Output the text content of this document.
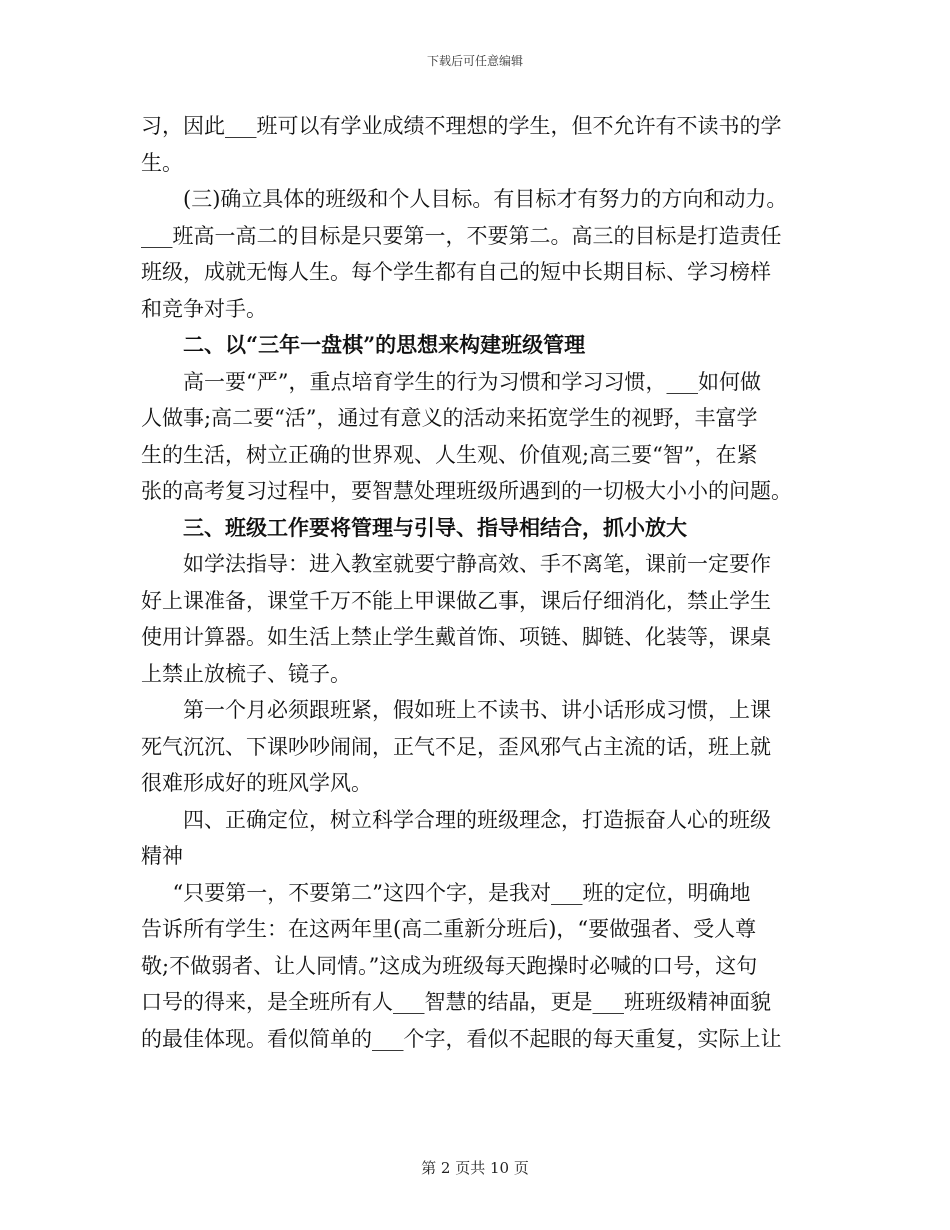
下载后可任意编辑
习，因此___班可以有学业成绩不理想的学生，但不允许有不读书的学
生。
(三)确立具体的班级和个人目标。有目标才有努力的方向和动力。
___班高一高二的目标是只要第一，不要第二。高三的目标是打造责任
班级，成就无悔人生。每个学生都有自己的短中长期目标、学习榜样
和竞争对手。
二、以“三年一盘棋”的思想来构建班级管理
高一要“严”，重点培育学生的行为习惯和学习习惯，___如何做
人做事;高二要“活”，通过有意义的活动来拓宽学生的视野，丰富学
生的生活，树立正确的世界观、人生观、价值观;高三要“智”，在紧
张的高考复习过程中，要智慧处理班级所遇到的一切极大小小的问题。
三、班级工作要将管理与引导、指导相结合，抓小放大
如学法指导：进入教室就要宁静高效、手不离笔，课前一定要作
好上课准备，课堂千万不能上甲课做乙事，课后仔细消化，禁止学生
使用计算器。如生活上禁止学生戴首饰、项链、脚链、化装等，课桌
上禁止放梳子、镜子。
第一个月必须跟班紧，假如班上不读书、讲小话形成习惯，上课
死气沉沉、下课吵吵闹闹，正气不足，歪风邪气占主流的话，班上就
很难形成好的班风学风。
四、正确定位，树立科学合理的班级理念，打造振奋人心的班级
精神
“只要第一，不要第二”这四个字，是我对___班的定位，明确地
告诉所有学生：在这两年里(高二重新分班后)，“要做强者、受人尊
敬;不做弱者、让人同情。”这成为班级每天跑操时必喊的口号，这句
口号的得来，是全班所有人___智慧的结晶，更是___班班级精神面貌
的最佳体现。看似简单的___个字，看似不起眼的每天重复，实际上让
第 2 页共 10 页
